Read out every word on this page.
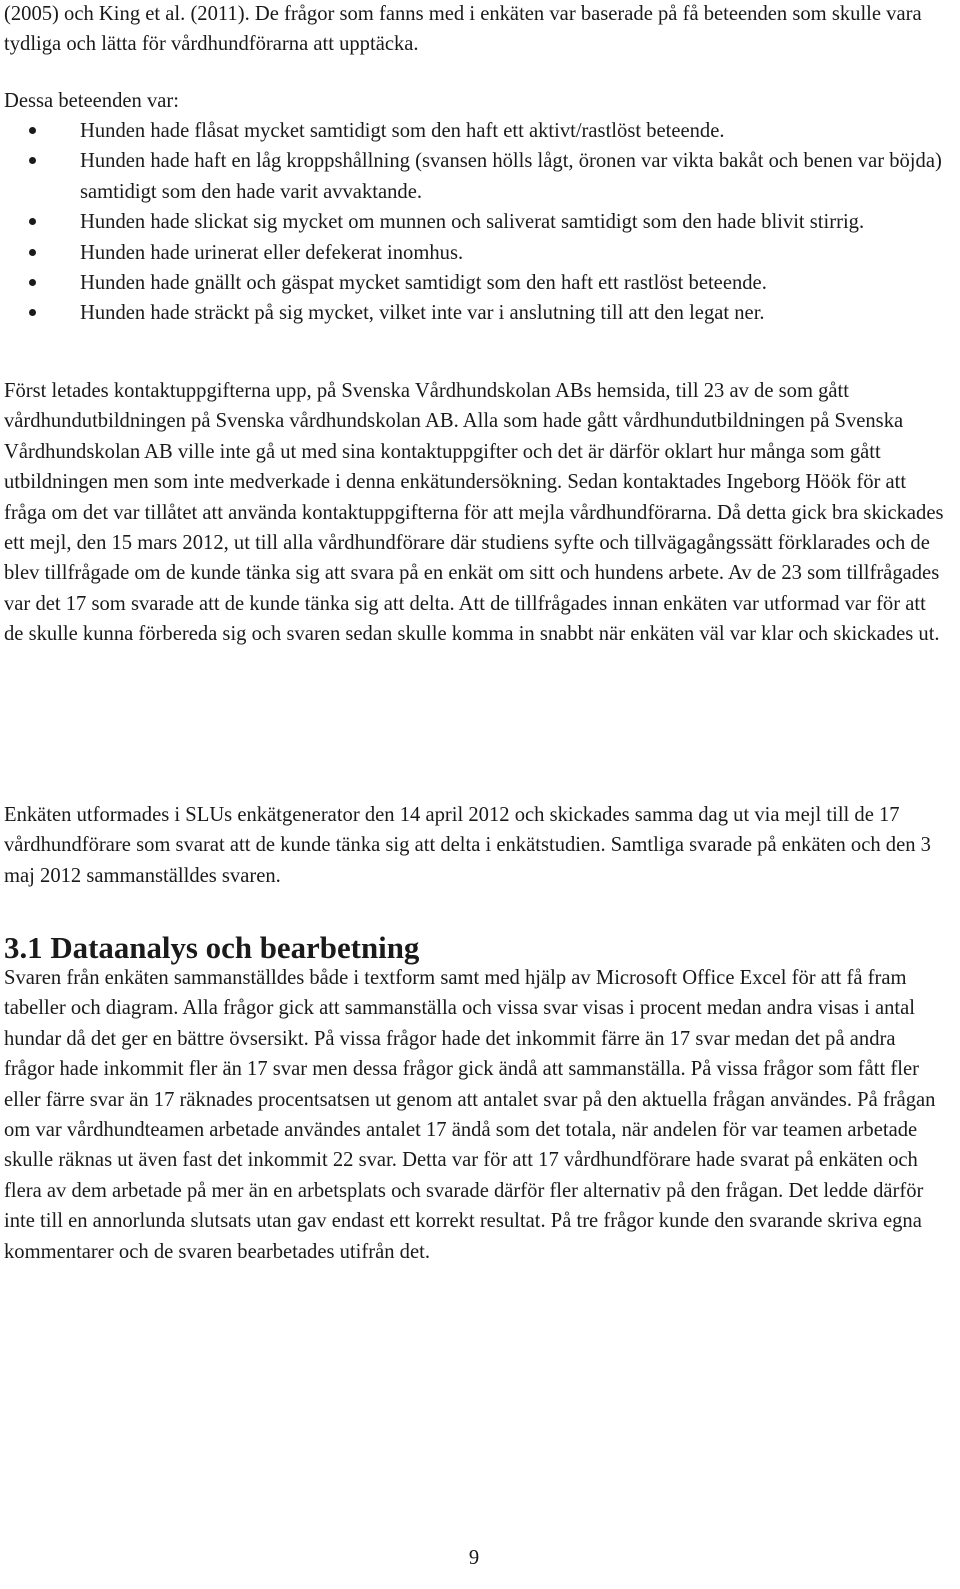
(2005) och King et al. (2011). De frågor som fanns med i enkäten var baserade på få beteenden som skulle vara tydliga och lätta för vårdhundförarna att upptäcka.

Dessa beteenden var:

Hunden hade flåsat mycket samtidigt som den haft ett aktivt/rastlöst beteende.
Hunden hade haft en låg kroppshållning (svansen hölls lågt, öronen var vikta bakåt och benen var böjda) samtidigt som den hade varit avvaktande.
Hunden hade slickat sig mycket om munnen och saliverat samtidigt som den hade blivit stirrig.
Hunden hade urinerat eller defekerat inomhus.
Hunden hade gnällt och gäspat mycket samtidigt som den haft ett rastlöst beteende.
Hunden hade sträckt på sig mycket, vilket inte var i anslutning till att den legat ner.

Först letades kontaktuppgifterna upp, på Svenska Vårdhundskolan ABs hemsida, till 23 av de som gått vårdhundutbildningen på Svenska vårdhundskolan AB. Alla som hade gått vårdhundutbildningen på Svenska Vårdhundskolan AB ville inte gå ut med sina kontaktuppgifter och det är därför oklart hur många som gått utbildningen men som inte medverkade i denna enkätundersökning. Sedan kontaktades Ingeborg Höök för att fråga om det var tillåtet att använda kontaktuppgifterna för att mejla vårdhundförarna. Då detta gick bra skickades ett mejl, den 15 mars 2012, ut till alla vårdhundförare där studiens syfte och tillvägagångssätt förklarades och de blev tillfrågade om de kunde tänka sig att svara på en enkät om sitt och hundens arbete. Av de 23 som tillfrågades var det 17 som svarade att de kunde tänka sig att delta. Att de tillfrågades innan enkäten var utformad var för att de skulle kunna förbereda sig och svaren sedan skulle komma in snabbt när enkäten väl var klar och skickades ut.

Enkäten utformades i SLUs enkätgenerator den 14 april 2012 och skickades samma dag ut via mejl till de 17 vårdhundförare som svarat att de kunde tänka sig att delta i enkätstudien. Samtliga svarade på enkäten och den 3 maj 2012 sammanställdes svaren.

3.1 Dataanalys och bearbetning

Svaren från enkäten sammanställdes både i textform samt med hjälp av Microsoft Office Excel för att få fram tabeller och diagram. Alla frågor gick att sammanställa och vissa svar visas i procent medan andra visas i antal hundar då det ger en bättre övsersikt. På vissa frågor hade det inkommit färre än 17 svar medan det på andra frågor hade inkommit fler än 17 svar men dessa frågor gick ändå att sammanställa. På vissa frågor som fått fler eller färre svar än 17 räknades procentsatsen ut genom att antalet svar på den aktuella frågan användes. På frågan om var vårdhundteamen arbetade användes antalet 17 ändå som det totala, när andelen för var teamen arbetade skulle räknas ut även fast det inkommit 22 svar. Detta var för att 17 vårdhundförare hade svarat på enkäten och flera av dem arbetade på mer än en arbetsplats och svarade därför fler alternativ på den frågan. Det ledde därför inte till en annorlunda slutsats utan gav endast ett korrekt resultat. På tre frågor kunde den svarande skriva egna kommentarer och de svaren bearbetades utifrån det.

9
